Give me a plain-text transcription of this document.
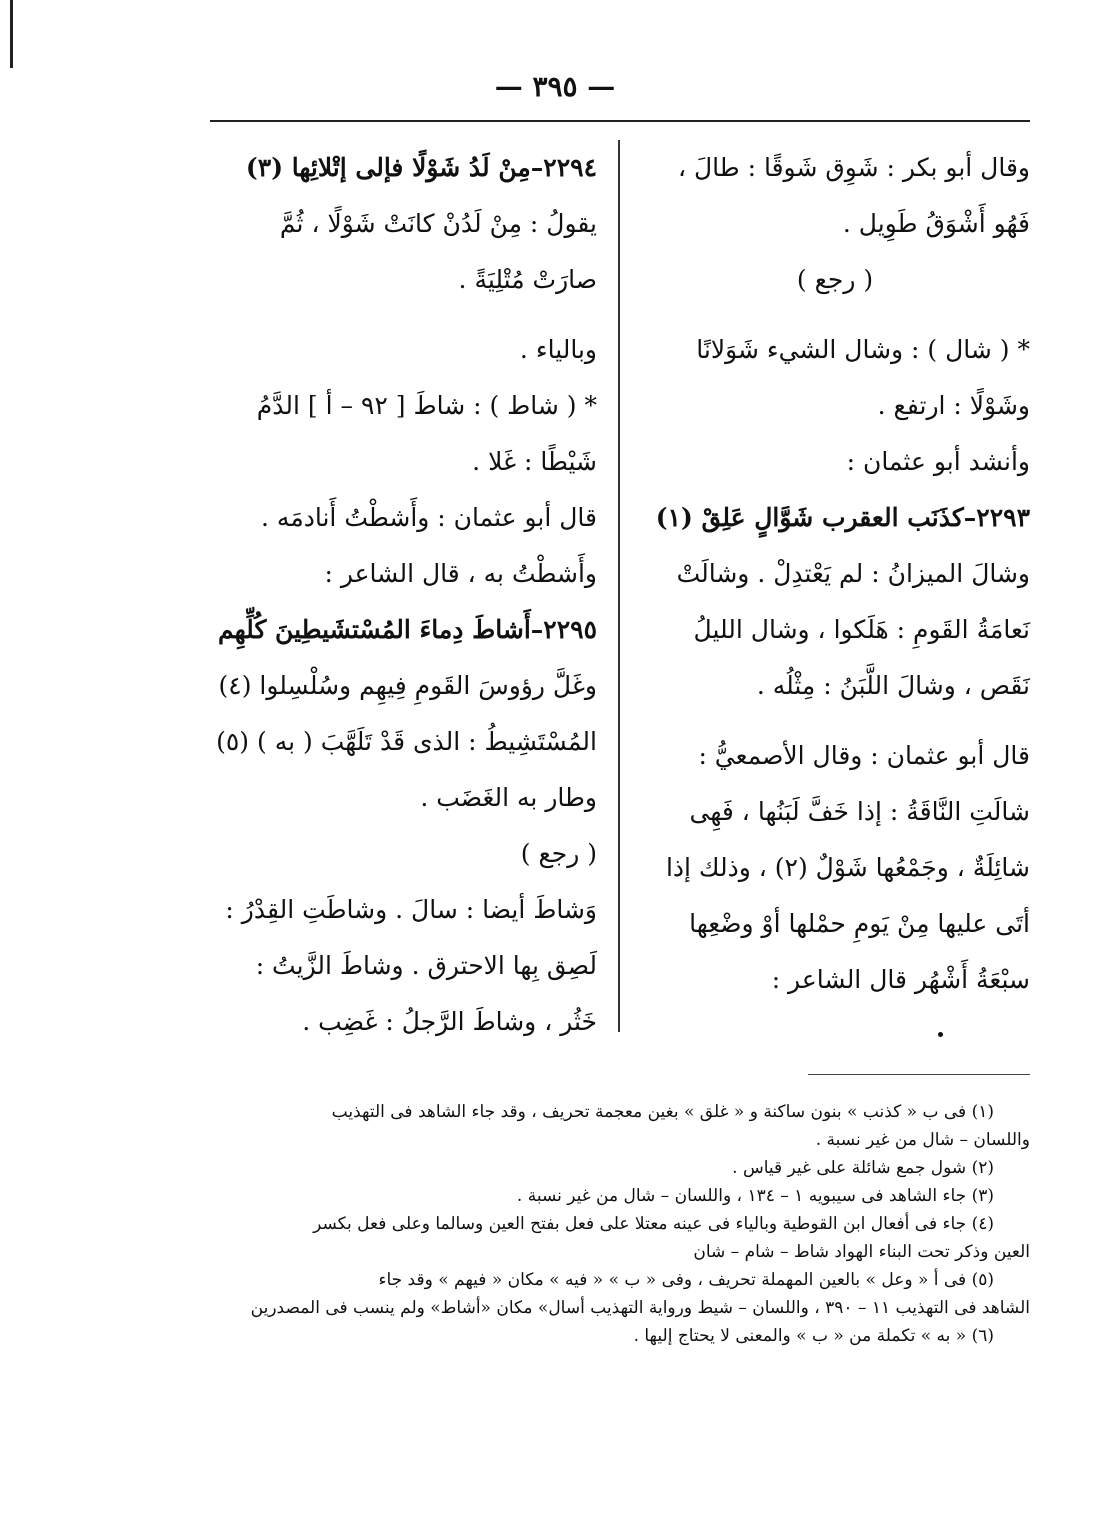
— ٣٩٥ —

وقال أبو بكر : شَوِق شَوقًا : طالَ ،

فَهُو أَشْوَقُ طَوِيل .

( رجع )

* ( شال ) : وشال الشيء شَوَلانًا

وشَوْلًا : ارتفع .

وأنشد أبو عثمان :

٢٢٩٣–كذَنَب العقرب شَوَّالٍ عَلِقْ (١)

وشالَ الميزانُ : لم يَعْتدِلْ . وشالَتْ

نَعامَةُ القَومِ : هَلَكوا ، وشال الليلُ

نَقَص ، وشالَ اللَّبَنُ : مِثْلُه .

قال أبو عثمان : وقال الأصمعيُّ :

شالَتِ النَّاقَةُ : إذا خَفَّ لَبَنُها ، فَهِى

شائِلَةٌ ، وجَمْعُها شَوْلٌ (٢) ، وذلك إذا

أتَى عليها مِنْ يَومِ حمْلها أوْ وضْعِها

سبْعَةُ أَشْهُر قال الشاعر :

٢٢٩٤–مِنْ لَدُ شَوْلًا فإلى إتْلائِها (٣)

يقولُ : مِنْ لَدُنْ كانَتْ شَوْلًا ، ثُمَّ

صارَتْ مُتْلِيَةً .

وبالياء .

* ( شاط ) : شاطَ [ ٩٢ – أ ] الدَّمُ

شَيْطًا : غَلا .

قال أبو عثمان : وأَشطْتُ أَنادمَه .

وأَشطْتُ به ، قال الشاعر :

٢٢٩٥–أَشاطَ دِماءَ المُسْتشَيطِينَ كُلِّهِم

وغَلَّ رؤوسَ القَومِ فِيهِم وسُلْسِلوا (٤)

المُسْتَشِيطُ : الذى قَدْ تَلَهَّبَ ( به ) (٥)

وطار به الغَضَب .

( رجع )

وَشاطَ أيضا : سالَ . وشاطَتِ القِدْرُ :

لَصِق بِها الاحترق . وشاطَ الزَّيتُ :

خَثُر ، وشاطَ الرَّجلُ : غَضِب .

(١) فى ب « كذنب » بنون ساكنة و « غلق » بغين معجمة تحريف ، وقد جاء الشاهد فى التهذيب

واللسان – شال من غير نسبة .

(٢) شول جمع شائلة على غير قياس .

(٣) جاء الشاهد فى سيبويه ١ – ١٣٤ ، واللسان – شال من غير نسبة .

(٤) جاء فى أفعال ابن القوطية وبالياء فى عينه معتلا على فعل بفتح العين وسالما وعلى فعل بكسر

العين وذكر تحت البناء الهواد شاط – شام – شان

(٥) فى أ « وعل » بالعين المهملة تحريف ، وفى « ب » « فيه » مكان « فيهم » وقد جاء

الشاهد فى التهذيب ١١ – ٣٩٠ ، واللسان – شيط ورواية التهذيب أسال» مكان «أشاط» ولم ينسب فى المصدرين

(٦) « به » تكملة من « ب » والمعنى لا يحتاج إليها .
